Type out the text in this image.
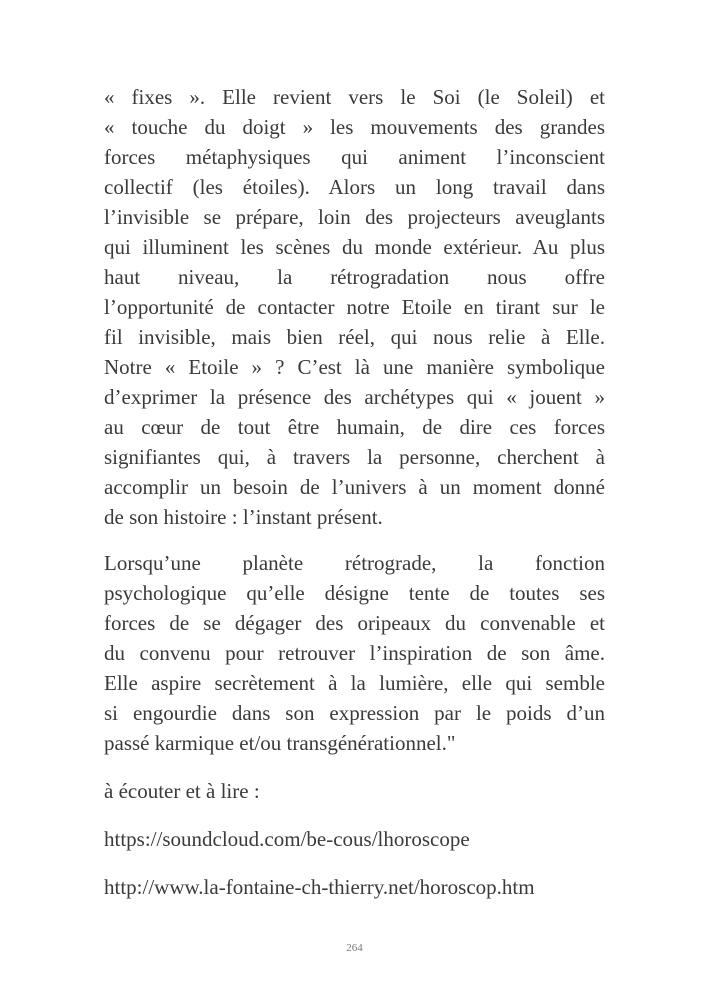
« fixes ». Elle revient vers le Soi (le Soleil) et
« touche du doigt » les mouvements des grandes
forces métaphysiques qui animent l’inconscient
collectif (les étoiles). Alors un long travail dans
l’invisible se prépare, loin des projecteurs aveuglants
qui illuminent les scènes du monde extérieur. Au plus
haut niveau, la rétrogradation nous offre
l’opportunité de contacter notre Etoile en tirant sur le
fil invisible, mais bien réel, qui nous relie à Elle.
Notre « Etoile » ? C’est là une manière symbolique
d’exprimer la présence des archétypes qui « jouent »
au cœur de tout être humain, de dire ces forces
signifiantes qui, à travers la personne, cherchent à
accomplir un besoin de l’univers à un moment donné
de son histoire : l’instant présent.
Lorsqu’une planète rétrograde, la fonction
psychologique qu’elle désigne tente de toutes ses
forces de se dégager des oripeaux du convenable et
du convenu pour retrouver l’inspiration de son âme.
Elle aspire secrètement à la lumière, elle qui semble
si engourdie dans son expression par le poids d’un
passé karmique et/ou transgénérationnel."

à écouter et à lire :

https://soundcloud.com/be-cous/lhoroscope
http://www.la-fontaine-ch-thierry.net/horoscop.htm
264
